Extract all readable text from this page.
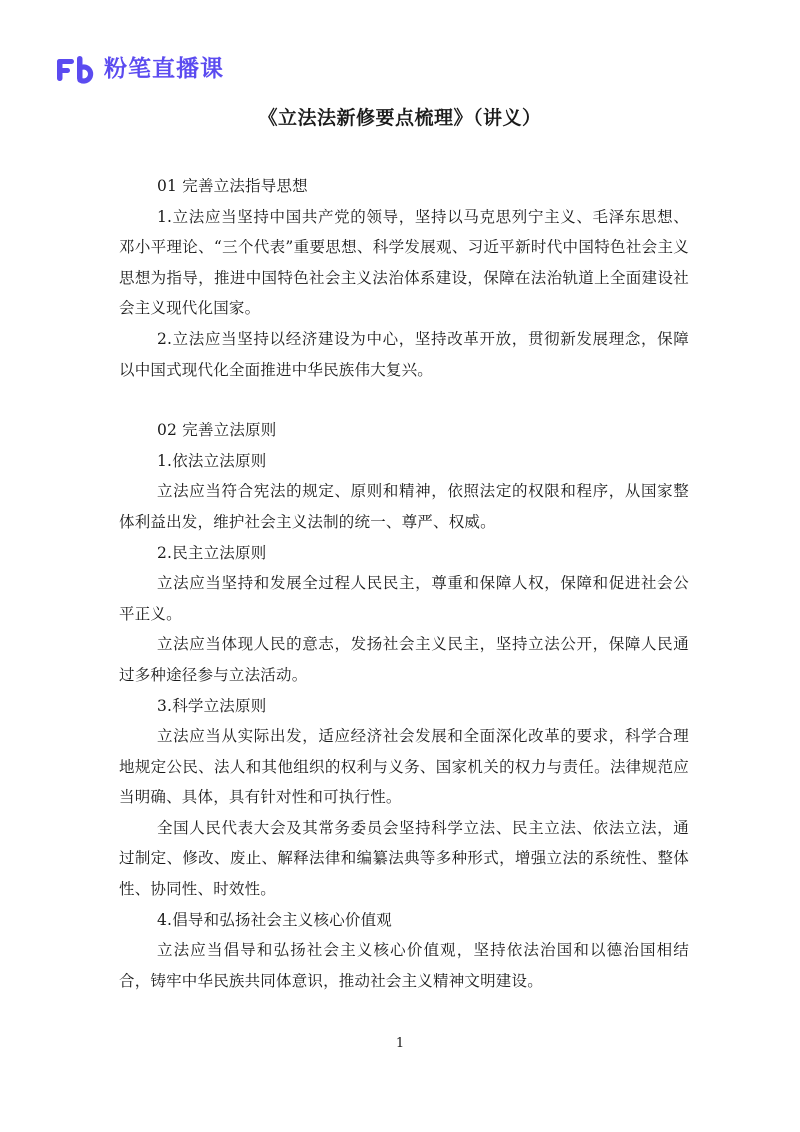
粉笔直播课
《立法法新修要点梳理》（讲义）

01 完善立法指导思想

1.立法应当坚持中国共产党的领导，坚持以马克思列宁主义、毛泽东思想、邓小平理论、“三个代表”重要思想、科学发展观、习近平新时代中国特色社会主义思想为指导，推进中国特色社会主义法治体系建设，保障在法治轨道上全面建设社会主义现代化国家。

2.立法应当坚持以经济建设为中心，坚持改革开放，贯彻新发展理念，保障以中国式现代化全面推进中华民族伟大复兴。

02 完善立法原则

1.依法立法原则

立法应当符合宪法的规定、原则和精神，依照法定的权限和程序，从国家整体利益出发，维护社会主义法制的统一、尊严、权威。

2.民主立法原则

立法应当坚持和发展全过程人民民主，尊重和保障人权，保障和促进社会公平正义。

立法应当体现人民的意志，发扬社会主义民主，坚持立法公开，保障人民通过多种途径参与立法活动。

3.科学立法原则

立法应当从实际出发，适应经济社会发展和全面深化改革的要求，科学合理地规定公民、法人和其他组织的权利与义务、国家机关的权力与责任。法律规范应当明确、具体，具有针对性和可执行性。

全国人民代表大会及其常务委员会坚持科学立法、民主立法、依法立法，通过制定、修改、废止、解释法律和编纂法典等多种形式，增强立法的系统性、整体性、协同性、时效性。

4.倡导和弘扬社会主义核心价值观

立法应当倡导和弘扬社会主义核心价值观，坚持依法治国和以德治国相结合，铸牢中华民族共同体意识，推动社会主义精神文明建设。

1
